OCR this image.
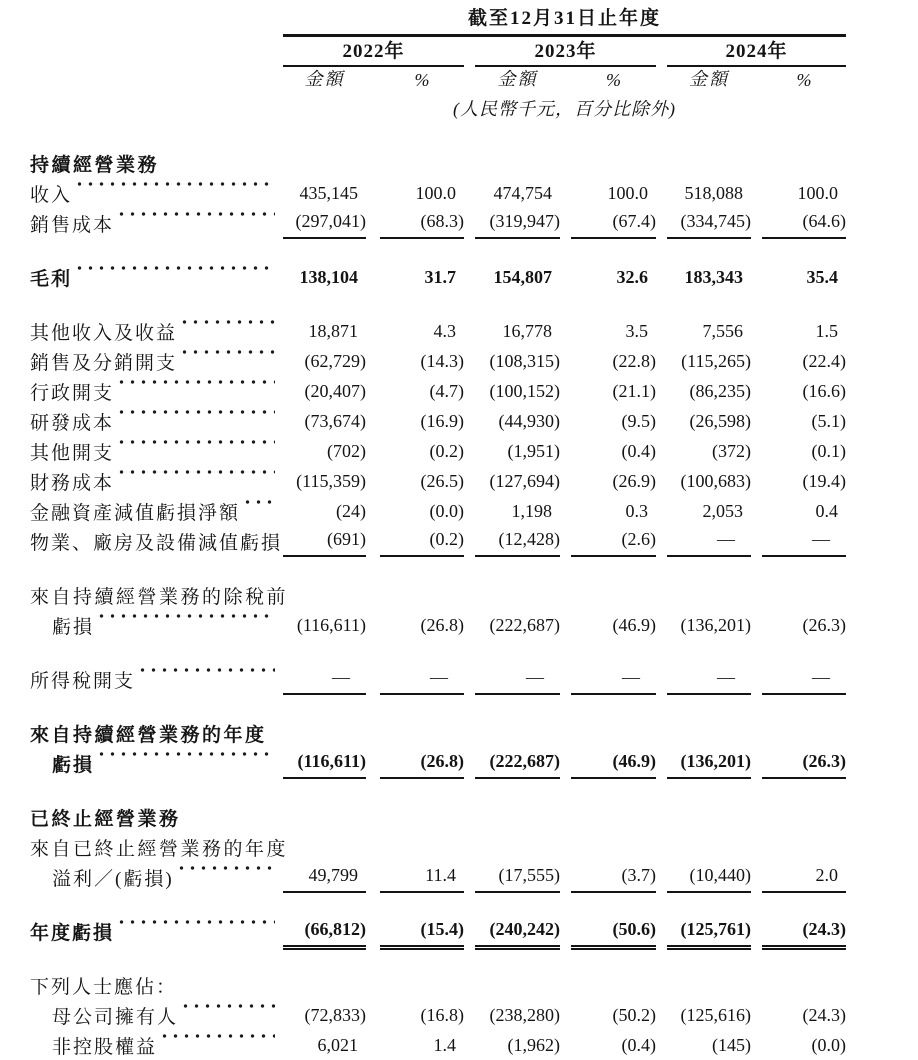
截至12月31日止年度
2022年	2023年	2024年
金額	%	金額	%	金額	%
(人民幣千元，百分比除外)
持續經營業務
收入	435,145	100.0	474,754	100.0	518,088	100.0
銷售成本	(297,041)	(68.3)	(319,947)	(67.4)	(334,745)	(64.6)
毛利	138,104	31.7	154,807	32.6	183,343	35.4
其他收入及收益	18,871	4.3	16,778	3.5	7,556	1.5
銷售及分銷開支	(62,729)	(14.3)	(108,315)	(22.8)	(115,265)	(22.4)
行政開支	(20,407)	(4.7)	(100,152)	(21.1)	(86,235)	(16.6)
研發成本	(73,674)	(16.9)	(44,930)	(9.5)	(26,598)	(5.1)
其他開支	(702)	(0.2)	(1,951)	(0.4)	(372)	(0.1)
財務成本	(115,359)	(26.5)	(127,694)	(26.9)	(100,683)	(19.4)
金融資產減值虧損淨額	(24)	(0.0)	1,198	0.3	2,053	0.4
物業、廠房及設備減值虧損	(691)	(0.2)	(12,428)	(2.6)	—	—
來自持續經營業務的除稅前
虧損	(116,611)	(26.8)	(222,687)	(46.9)	(136,201)	(26.3)
所得稅開支	—	—	—	—	—	—
來自持續經營業務的年度
虧損	(116,611)	(26.8)	(222,687)	(46.9)	(136,201)	(26.3)
已終止經營業務
來自已終止經營業務的年度
溢利／(虧損)	49,799	11.4	(17,555)	(3.7)	(10,440)	2.0
年度虧損	(66,812)	(15.4)	(240,242)	(50.6)	(125,761)	(24.3)
下列人士應佔：
母公司擁有人	(72,833)	(16.8)	(238,280)	(50.2)	(125,616)	(24.3)
非控股權益	6,021	1.4	(1,962)	(0.4)	(145)	(0.0)
